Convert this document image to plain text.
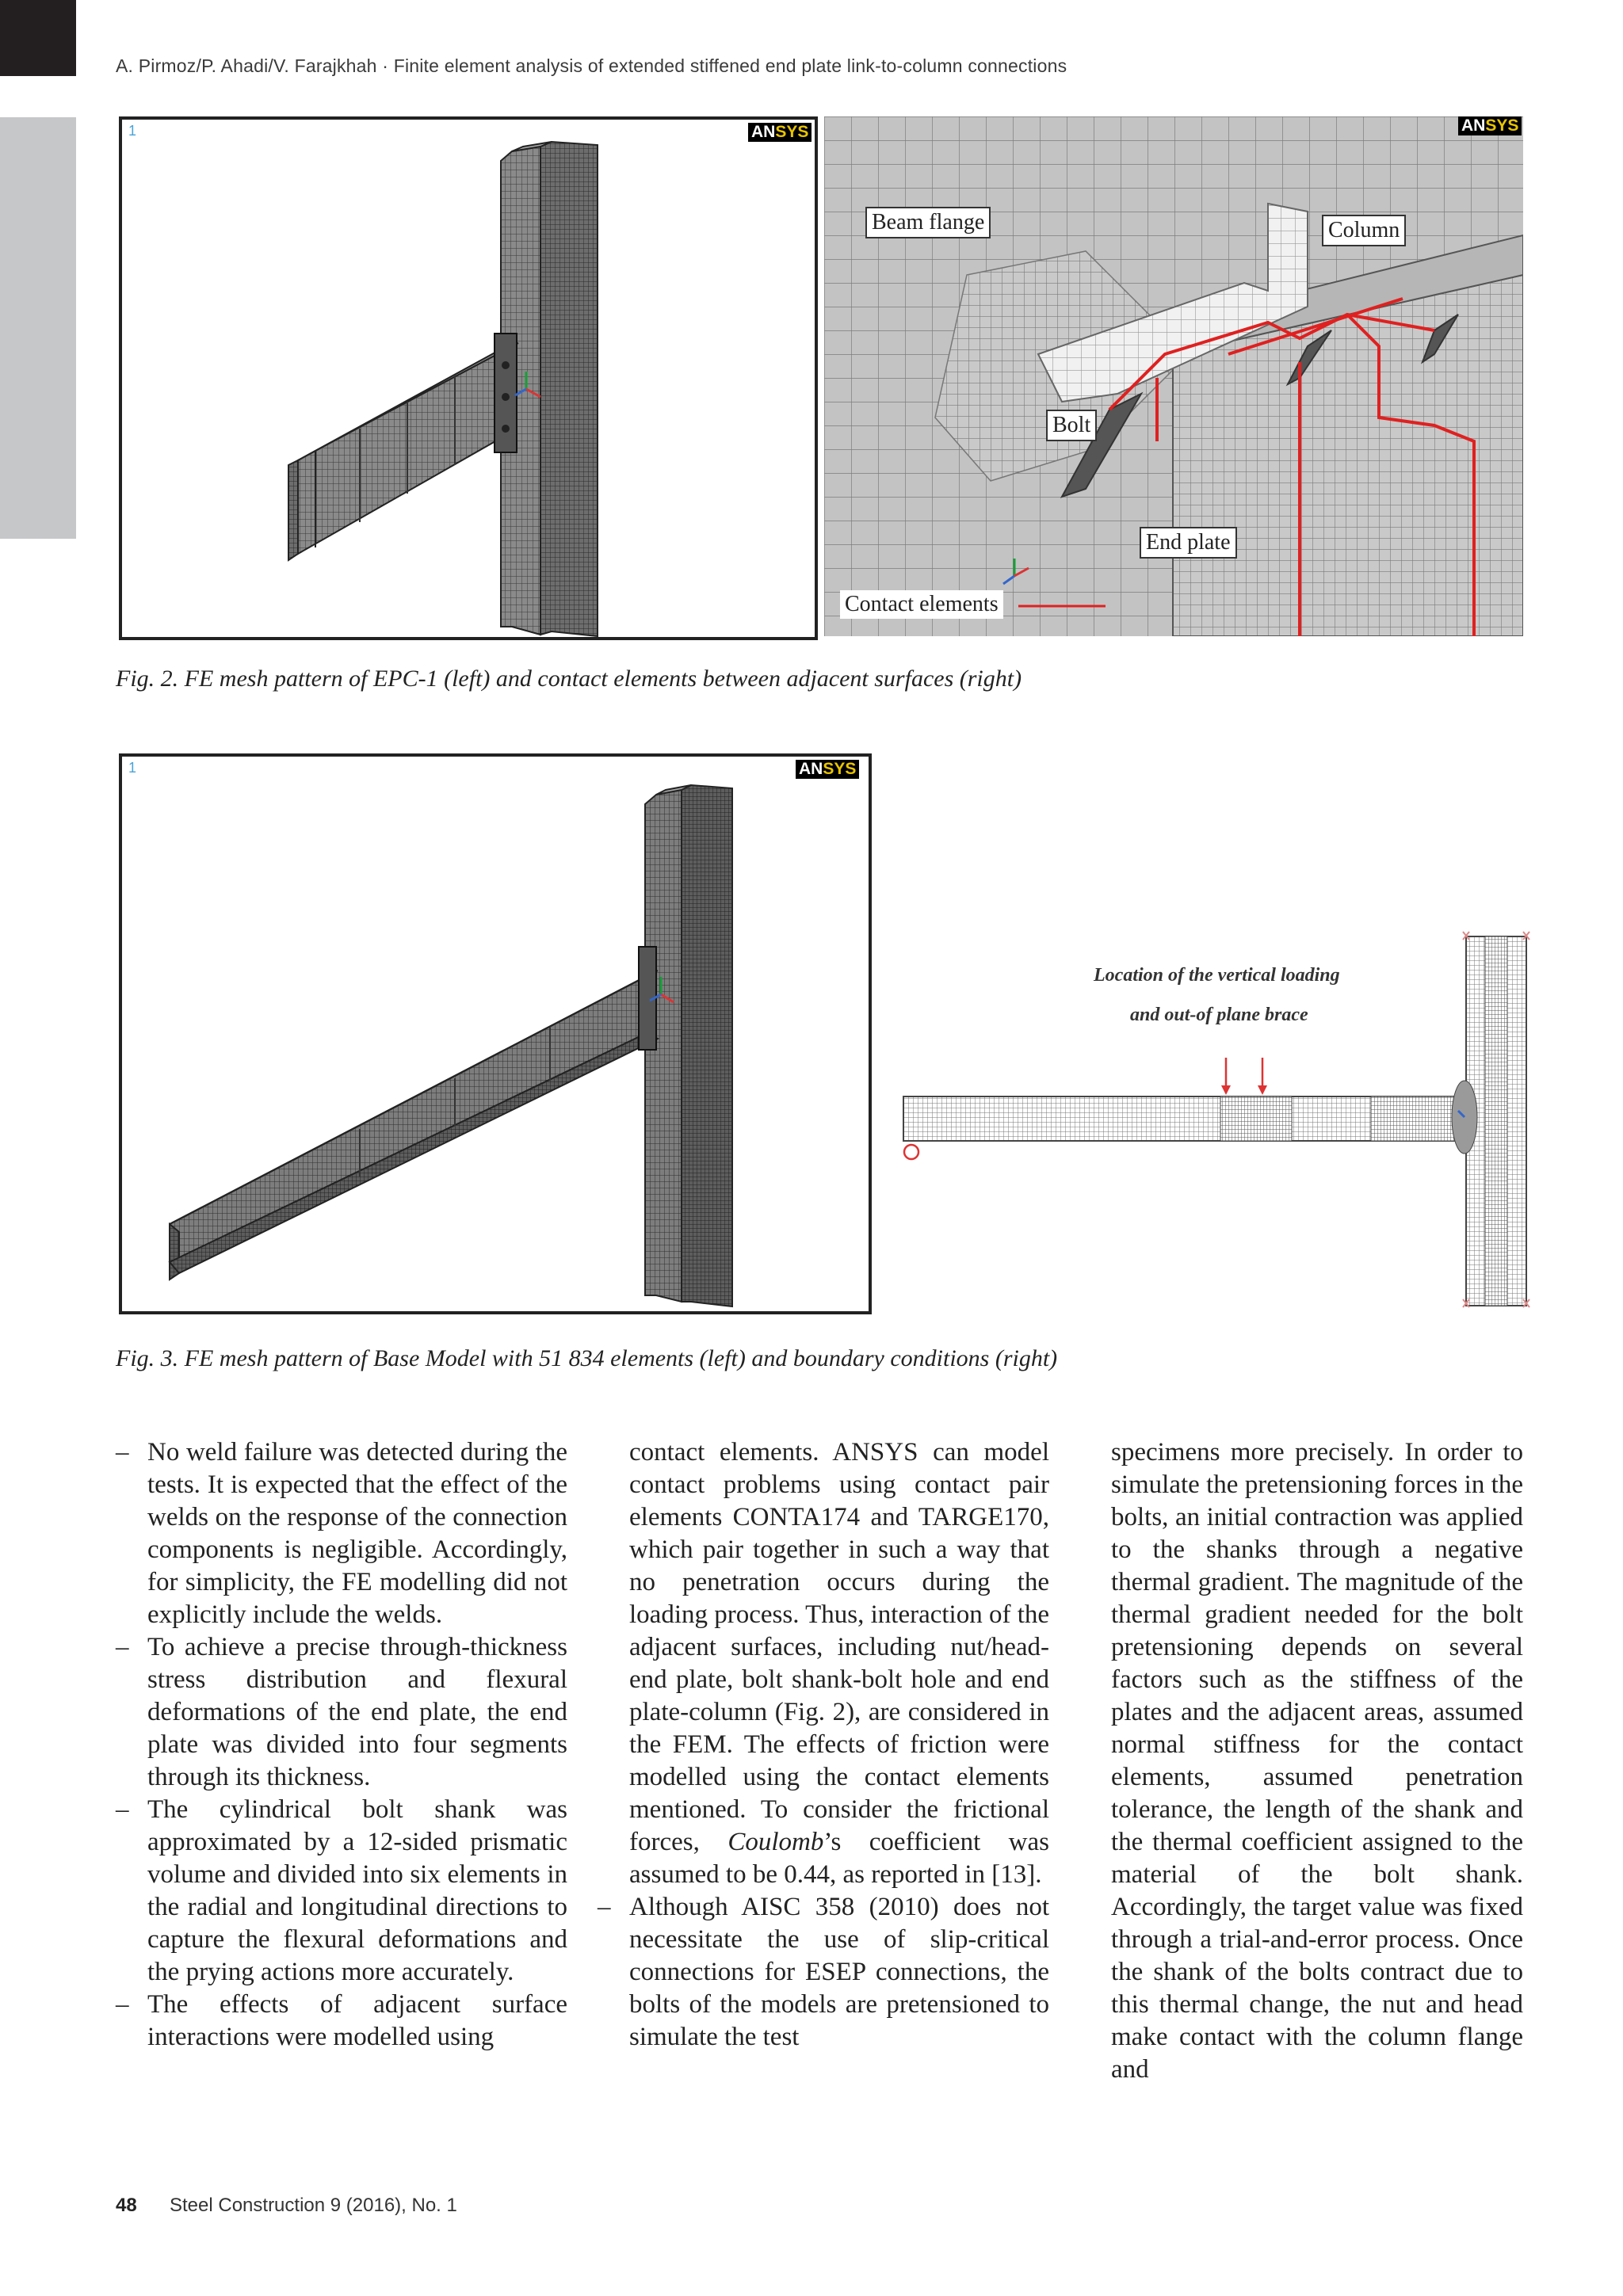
A. Pirmoz/P. Ahadi/V. Farajkhah · Finite element analysis of extended stiffened end plate link-to-column connections
1	ANSYS	ANSYS
Beam flange	Column
Bolt
End plate
Contact elements
Fig. 2. FE mesh pattern of EPC-1 (left) and contact elements between adjacent surfaces (right)
1	ANSYS
Location of the vertical loading
and out-of plane brace
Fig. 3. FE mesh pattern of Base Model with 51 834 elements (left) and boundary conditions (right)
– No weld failure was detected during the tests. It is expected that the effect of the welds on the response of the connection components is negligible. Accordingly, for simplicity, the FE modelling did not explicitly include the welds.
– To achieve a precise through-thickness stress distribution and flexural deformations of the end plate, the end plate was divided into four segments through its thickness.
– The cylindrical bolt shank was approximated by a 12-sided prismatic volume and divided into six elements in the radial and longitudinal directions to capture the flexural deformations and the prying actions more accurately.
– The effects of adjacent surface interactions were modelled using

contact elements. ANSYS can model contact problems using contact pair elements CONTA174 and TARGE170, which pair together in such a way that no penetration occurs during the loading process. Thus, interaction of the adjacent surfaces, including nut/head-end plate, bolt shank-bolt hole and end plate-column (Fig. 2), are considered in the FEM. The effects of friction were modelled using the contact elements mentioned. To consider the frictional forces, Coulomb’s coefficient was assumed to be 0.44, as reported in [13].

– Although AISC 358 (2010) does not necessitate the use of slip-critical connections for ESEP connections, the bolts of the models are pretensioned to simulate the test

specimens more precisely. In order to simulate the pretensioning forces in the bolts, an initial contraction was applied to the shanks through a negative thermal gradient. The magnitude of the thermal gradient needed for the bolt pretensioning depends on several factors such as the stiffness of the plates and the adjacent areas, assumed normal stiffness for the contact elements, assumed penetration tolerance, the length of the shank and the thermal coefficient assigned to the material of the bolt shank. Accordingly, the target value was fixed through a trial-and-error process. Once the shank of the bolts contract due to this thermal change, the nut and head make contact with the column flange and

48 Steel Construction 9 (2016), No. 1
